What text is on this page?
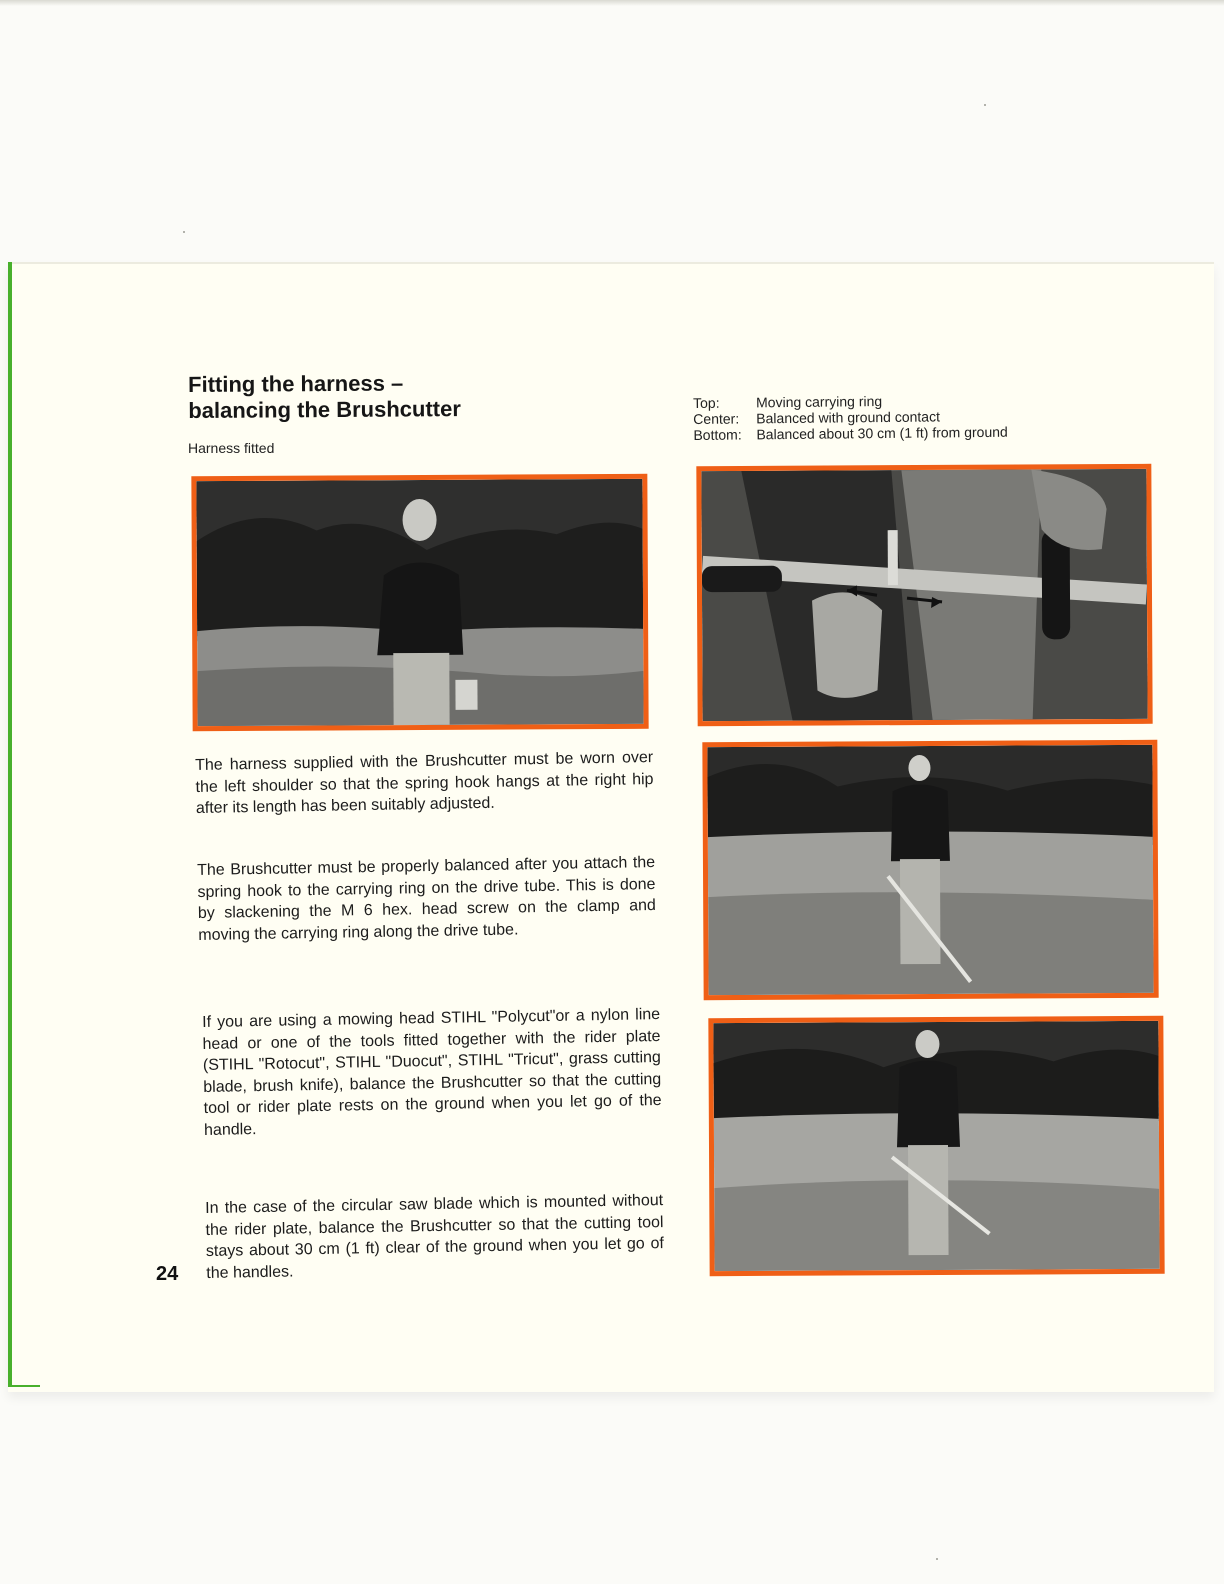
Fitting the harness –
balancing the Brushcutter
Harness fitted
Top:	Moving carrying ring
Center:	Balanced with ground contact
Bottom:	Balanced about 30 cm (1 ft) from ground

The harness supplied with the Brushcutter must be worn over the left shoulder so that the spring hook hangs at the right hip after its length has been suitably adjusted.

The Brushcutter must be properly balanced after you attach the spring hook to the carrying ring on the drive tube. This is done by slackening the M 6 hex. head screw on the clamp and moving the carrying ring along the drive tube.

If you are using a mowing head STIHL "Polycut"or a nylon line head or one of the tools fitted together with the rider plate (STIHL "Rotocut", STIHL "Duocut", STIHL "Tricut", grass cutting blade, brush knife), balance the Brushcutter so that the cutting tool or rider plate rests on the ground when you let go of the handle.

In the case of the circular saw blade which is mounted without the rider plate, balance the Brushcutter so that the cutting tool stays about 30 cm (1 ft) clear of the ground when you let go of the handles.

24
